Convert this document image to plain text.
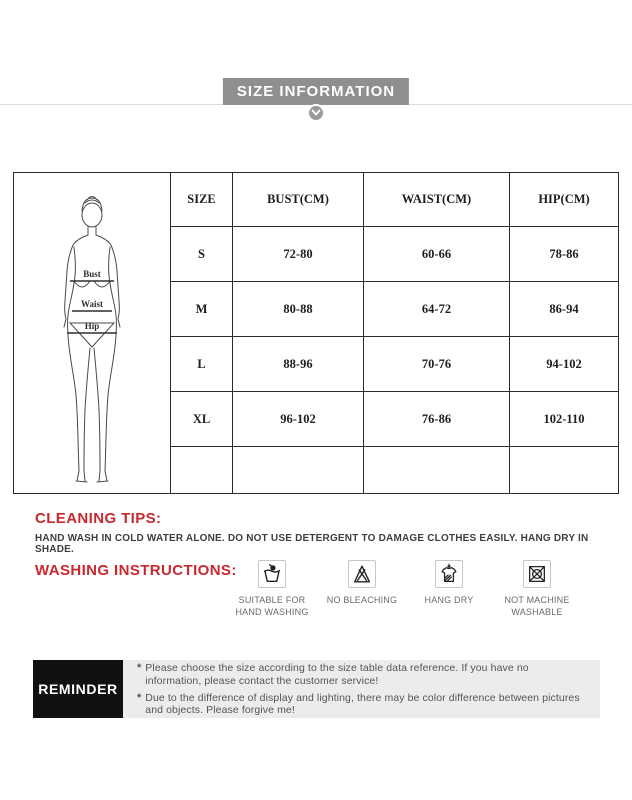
SIZE INFORMATION
Bust
Waist
Hip	SIZE	BUST(CM)	WAIST(CM)	HIP(CM)
	S	72-80	60-66	78-86
	M	80-88	64-72	86-94
	L	88-96	70-76	94-102
	XL	96-102	76-86	102-110

CLEANING TIPS:
HAND WASH IN COLD WATER ALONE. DO NOT USE DETERGENT TO DAMAGE CLOTHES EASILY. HANG DRY IN SHADE.
WASHING INSTRUCTIONS:
SUITABLE FOR HAND WASHING
NO BLEACHING	HANG DRY	NOT MACHINE WASHABLE
REMINDER
* Please choose the size according to the size table data reference. If you have no information, please contact the customer service!
* Due to the difference of display and lighting, there may be color difference between pictures and objects. Please forgive me!
